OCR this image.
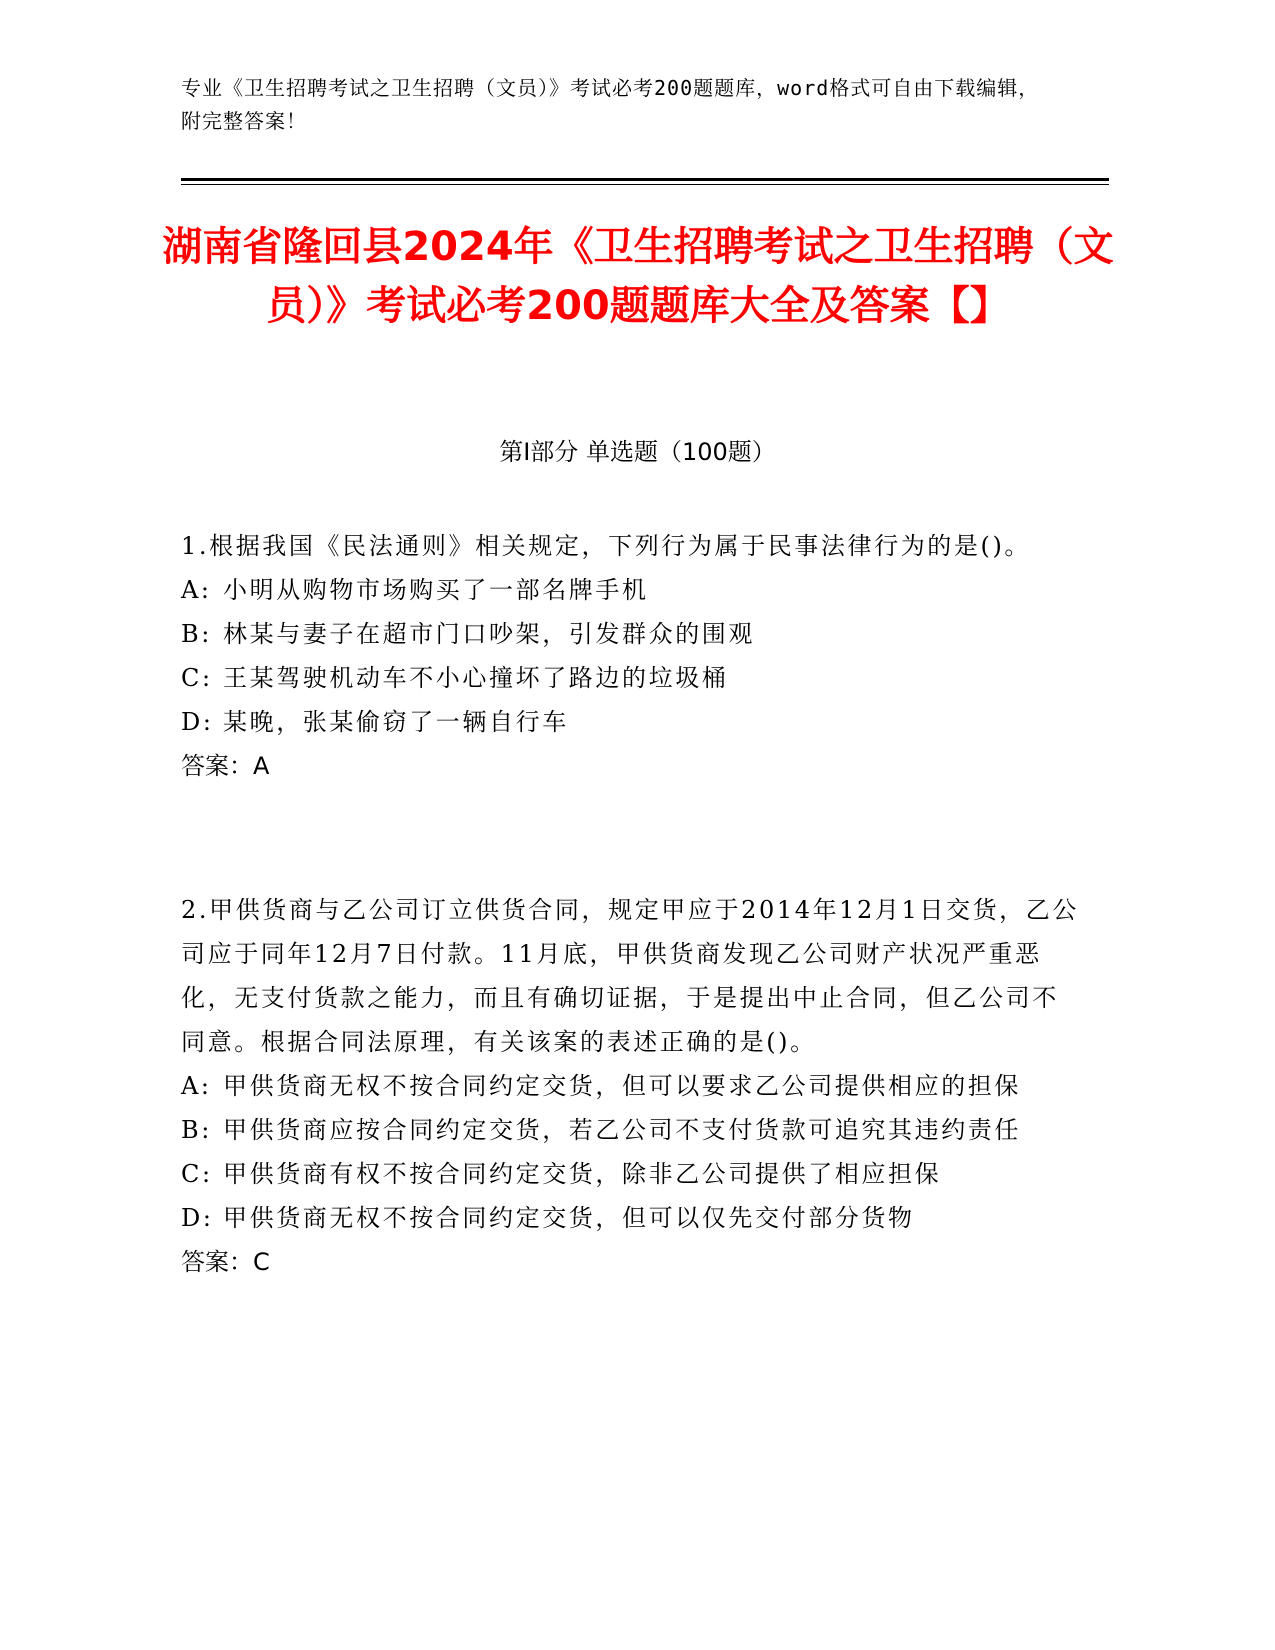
专业《卫生招聘考试之卫生招聘（文员）》考试必考200题题库，word格式可自由下载编辑，附完整答案！
湖南省隆回县2024年《卫生招聘考试之卫生招聘（文员）》考试必考200题题库大全及答案【】
第Ⅰ部分 单选题（100题）

1.根据我国《民法通则》相关规定，下列行为属于民事法律行为的是()。

A: 小明从购物市场购买了一部名牌手机
B: 林某与妻子在超市门口吵架，引发群众的围观
C: 王某驾驶机动车不小心撞坏了路边的垃圾桶
D: 某晚，张某偷窃了一辆自行车

答案：A

2.甲供货商与乙公司订立供货合同，规定甲应于2014年12月1日交货，乙公司应于同年12月7日付款。11月底，甲供货商发现乙公司财产状况严重恶化，无支付货款之能力，而且有确切证据，于是提出中止合同，但乙公司不同意。根据合同法原理，有关该案的表述正确的是()。

A: 甲供货商无权不按合同约定交货，但可以要求乙公司提供相应的担保
B: 甲供货商应按合同约定交货，若乙公司不支付货款可追究其违约责任
C: 甲供货商有权不按合同约定交货，除非乙公司提供了相应担保
D: 甲供货商无权不按合同约定交货，但可以仅先交付部分货物

答案：C
